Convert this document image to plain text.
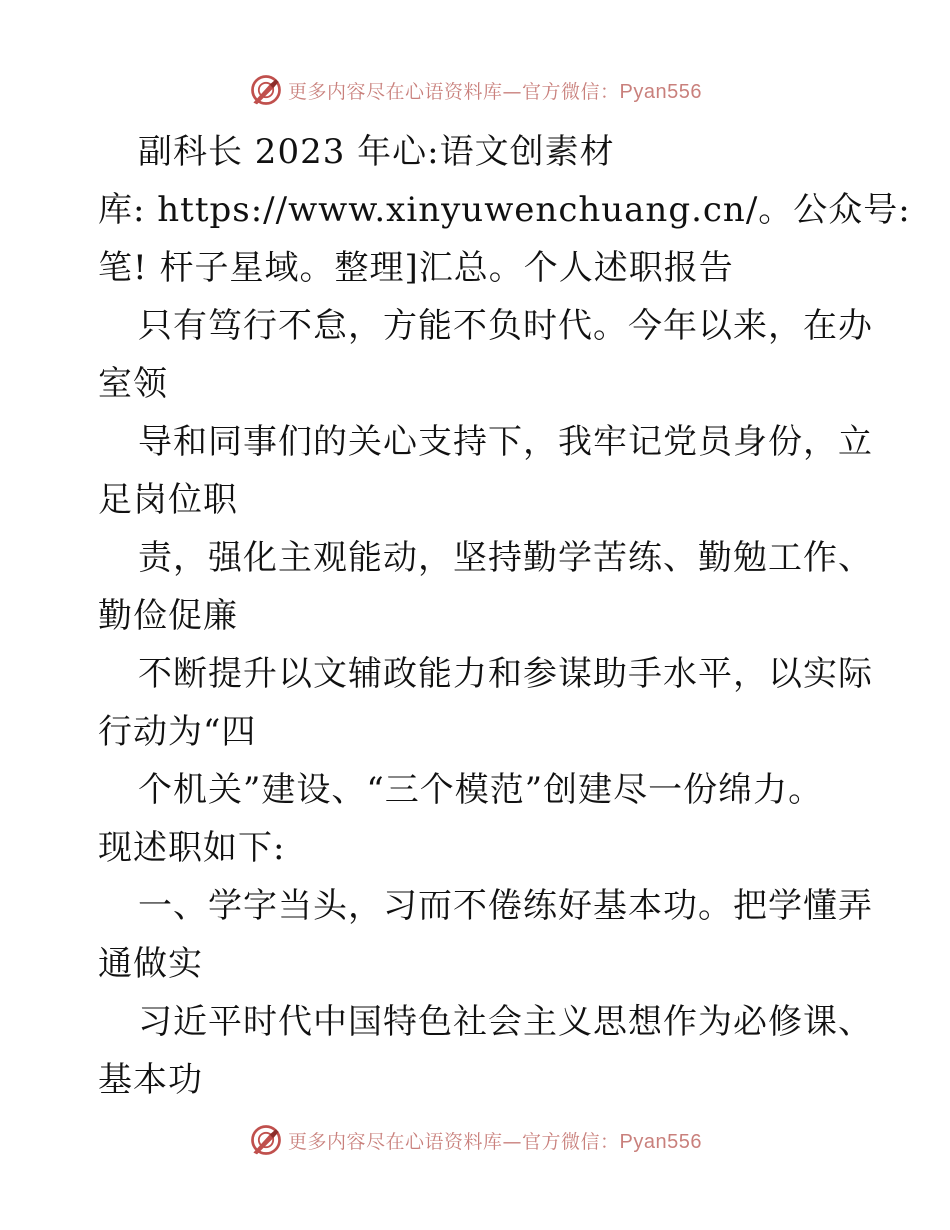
更多内容尽在心语资料库—官方微信：Pyan556
副科长 2023 年心:语文创素材
库: https://www.xinyuwenchuang.cn/。公众号:
笔! 杆子星域。整理]汇总。个人述职报告
只有笃行不怠，方能不负时代。今年以来，在办
室领
导和同事们的关心支持下，我牢记党员身份，立
足岗位职
责，强化主观能动，坚持勤学苦练、勤勉工作、
勤俭促廉
不断提升以文辅政能力和参谋助手水平，以实际
行动为“四
个机关”建设、“三个模范”创建尽一份绵力。
现述职如下:
一、学字当头，习而不倦练好基本功。把学懂弄
通做实
习近平时代中国特色社会主义思想作为必修课、
基本功
更多内容尽在心语资料库—官方微信：Pyan556
